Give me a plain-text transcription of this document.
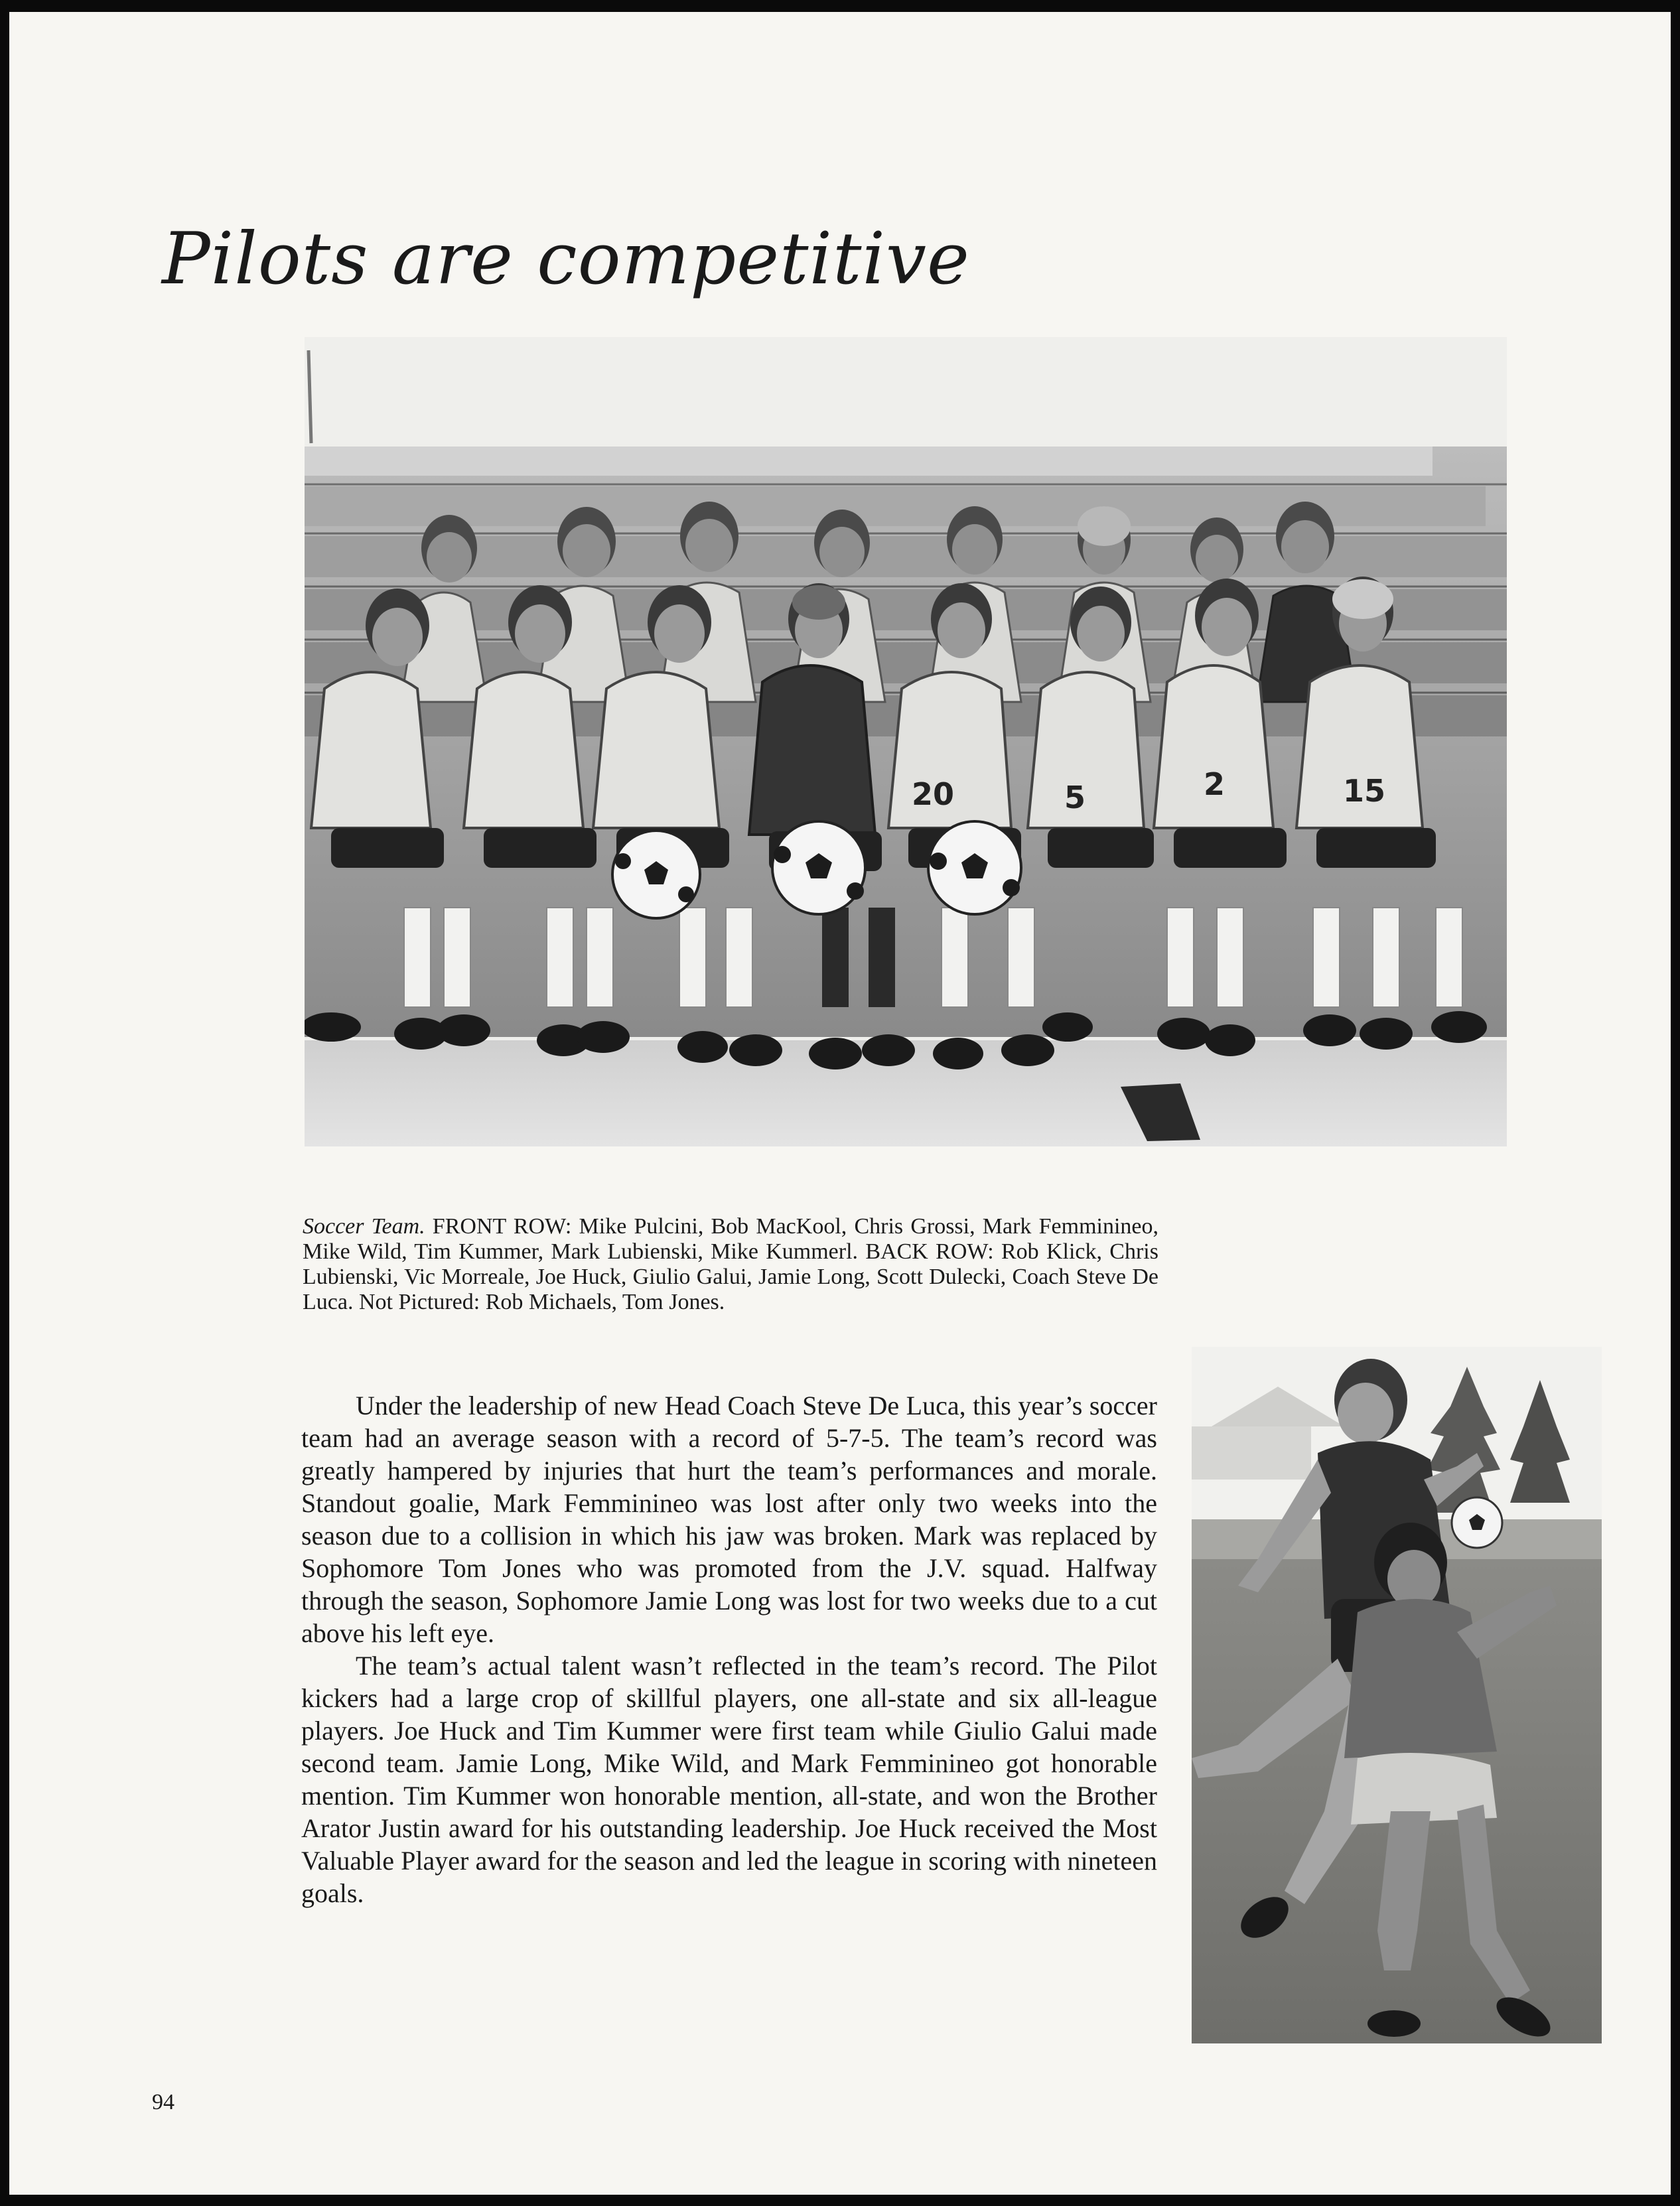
Pilots are competitive
20	5	2	15
Soccer Team. FRONT ROW: Mike Pulcini, Bob MacKool, Chris Grossi, Mark Femminineo, Mike Wild, Tim Kummer, Mark Lubienski, Mike Kummerl. BACK ROW: Rob Klick, Chris Lubienski, Vic Morreale, Joe Huck, Giulio Galui, Jamie Long, Scott Dulecki, Coach Steve De Luca. Not Pictured: Rob Michaels, Tom Jones.

Under the leadership of new Head Coach Steve De Luca, this year’s soccer team had an average season with a record of 5-7-5. The team’s record was greatly hampered by injuries that hurt the team’s performances and morale. Standout goalie, Mark Femminineo was lost after only two weeks into the season due to a collision in which his jaw was broken. Mark was replaced by Sophomore Tom Jones who was promoted from the J.V. squad. Halfway through the season, Sophomore Jamie Long was lost for two weeks due to a cut above his left eye.

The team’s actual talent wasn’t reflected in the team’s record. The Pilot kickers had a large crop of skillful players, one all-state and six all-league players. Joe Huck and Tim Kummer were first team while Giulio Galui made second team. Jamie Long, Mike Wild, and Mark Femminineo got honorable mention. Tim Kummer won honorable mention, all-state, and won the Brother Arator Justin award for his outstanding leadership. Joe Huck received the Most Valuable Player award for the season and led the league in scoring with nineteen goals.

94
